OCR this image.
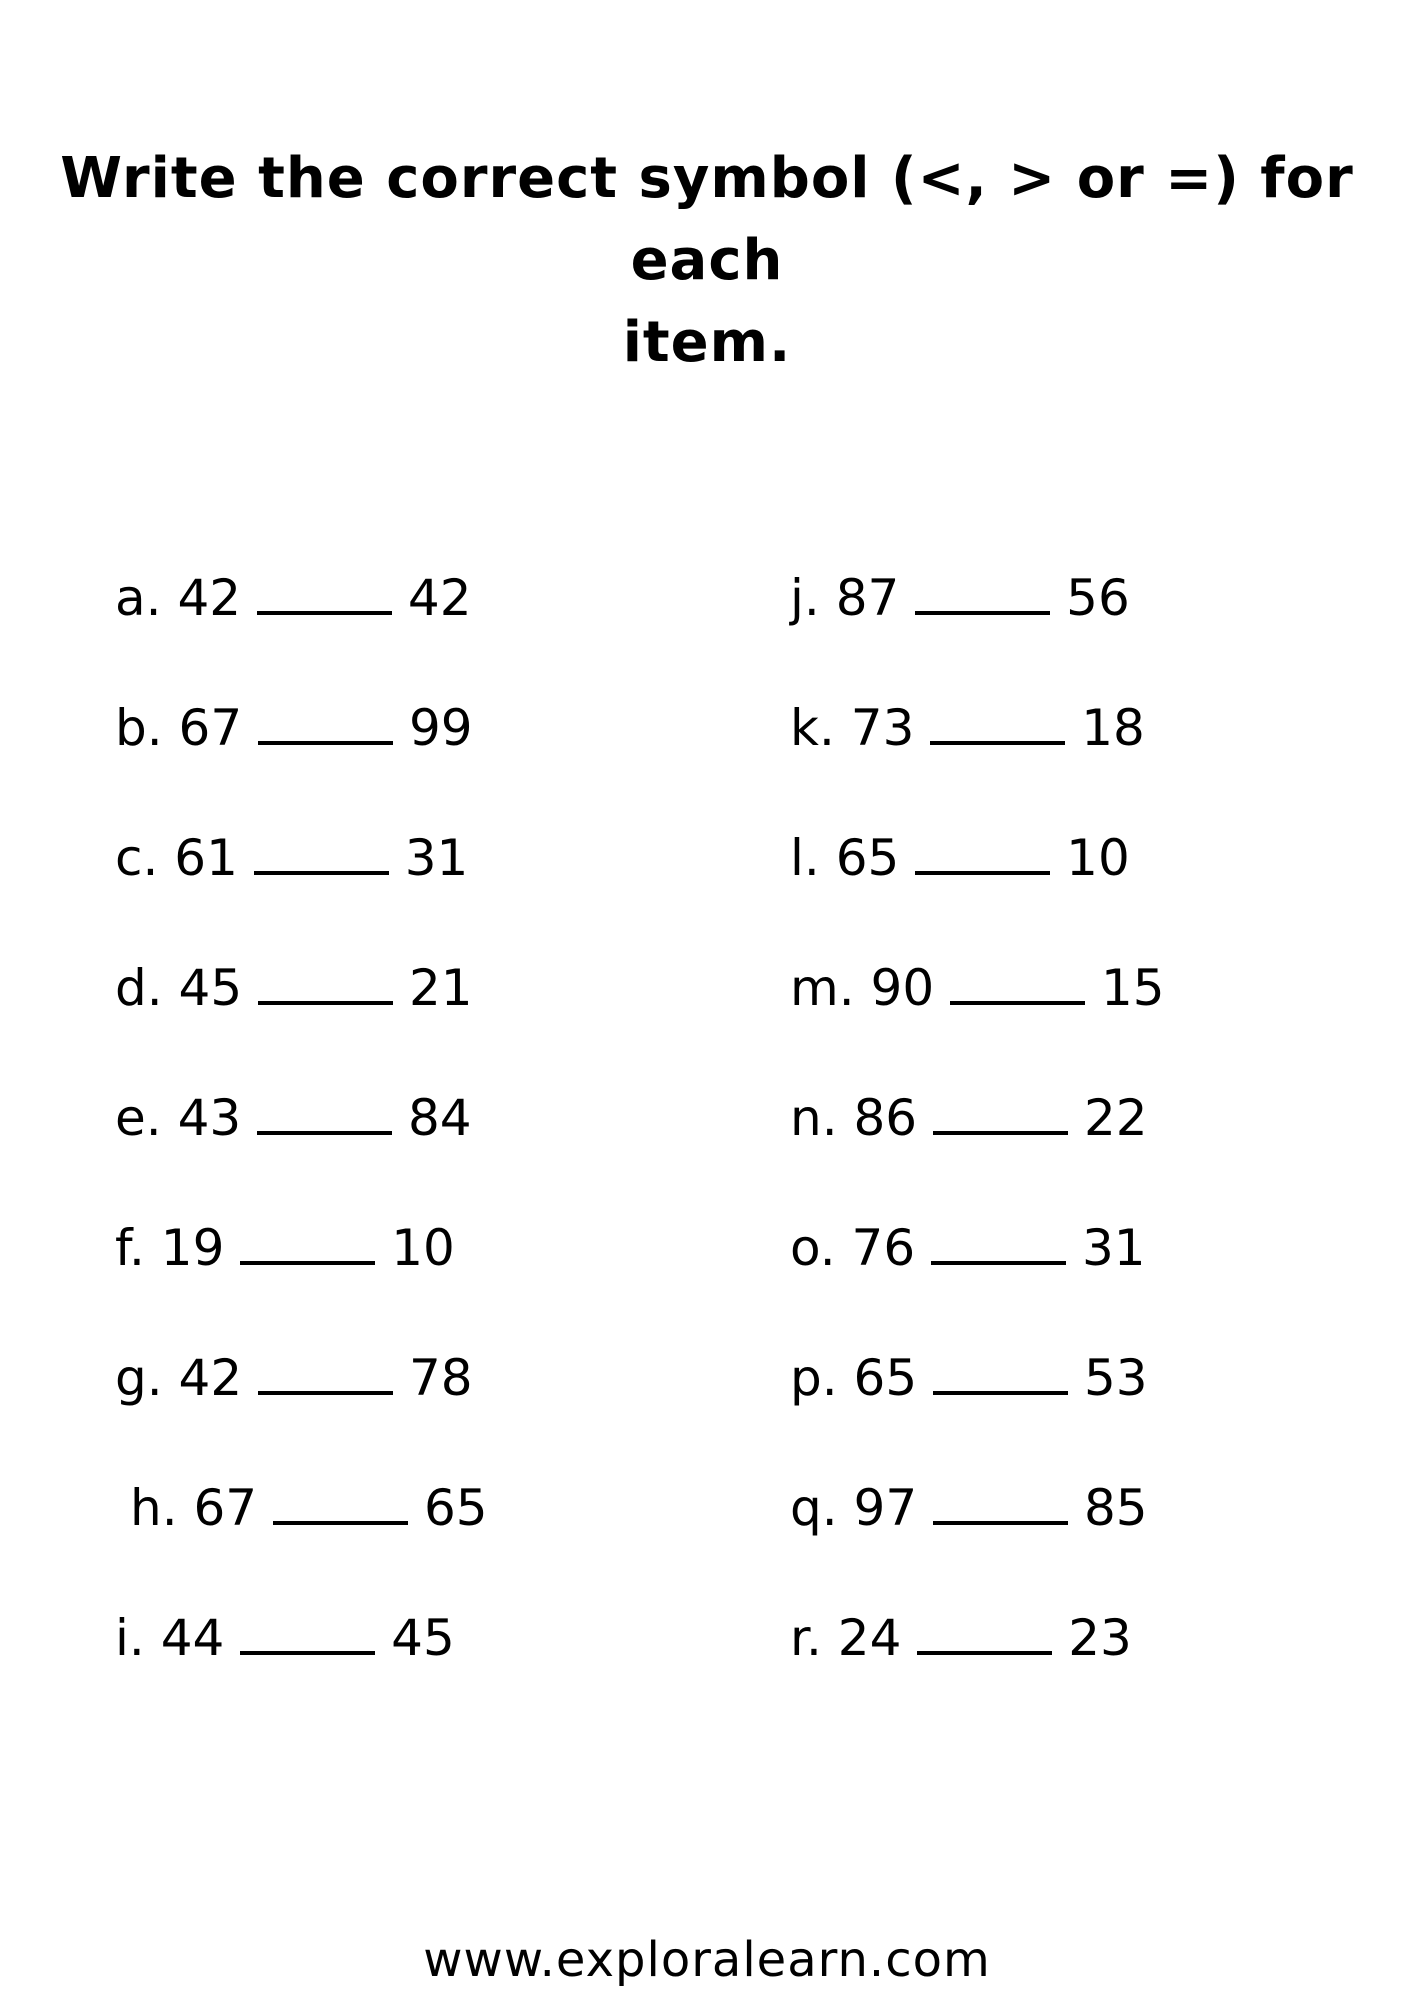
Write the correct symbol (<, > or =) for each
item.
a. 42	42
b. 67	99
c. 61	31
d. 45	21
e. 43	84
f. 19	10
g. 42	78
h. 67	65
i. 44	45
j. 87	56
k. 73	18
l. 65	10
m. 90	15
n. 86	22
o. 76	31
p. 65	53
q. 97	85
r. 24	23
www.exploralearn.com
